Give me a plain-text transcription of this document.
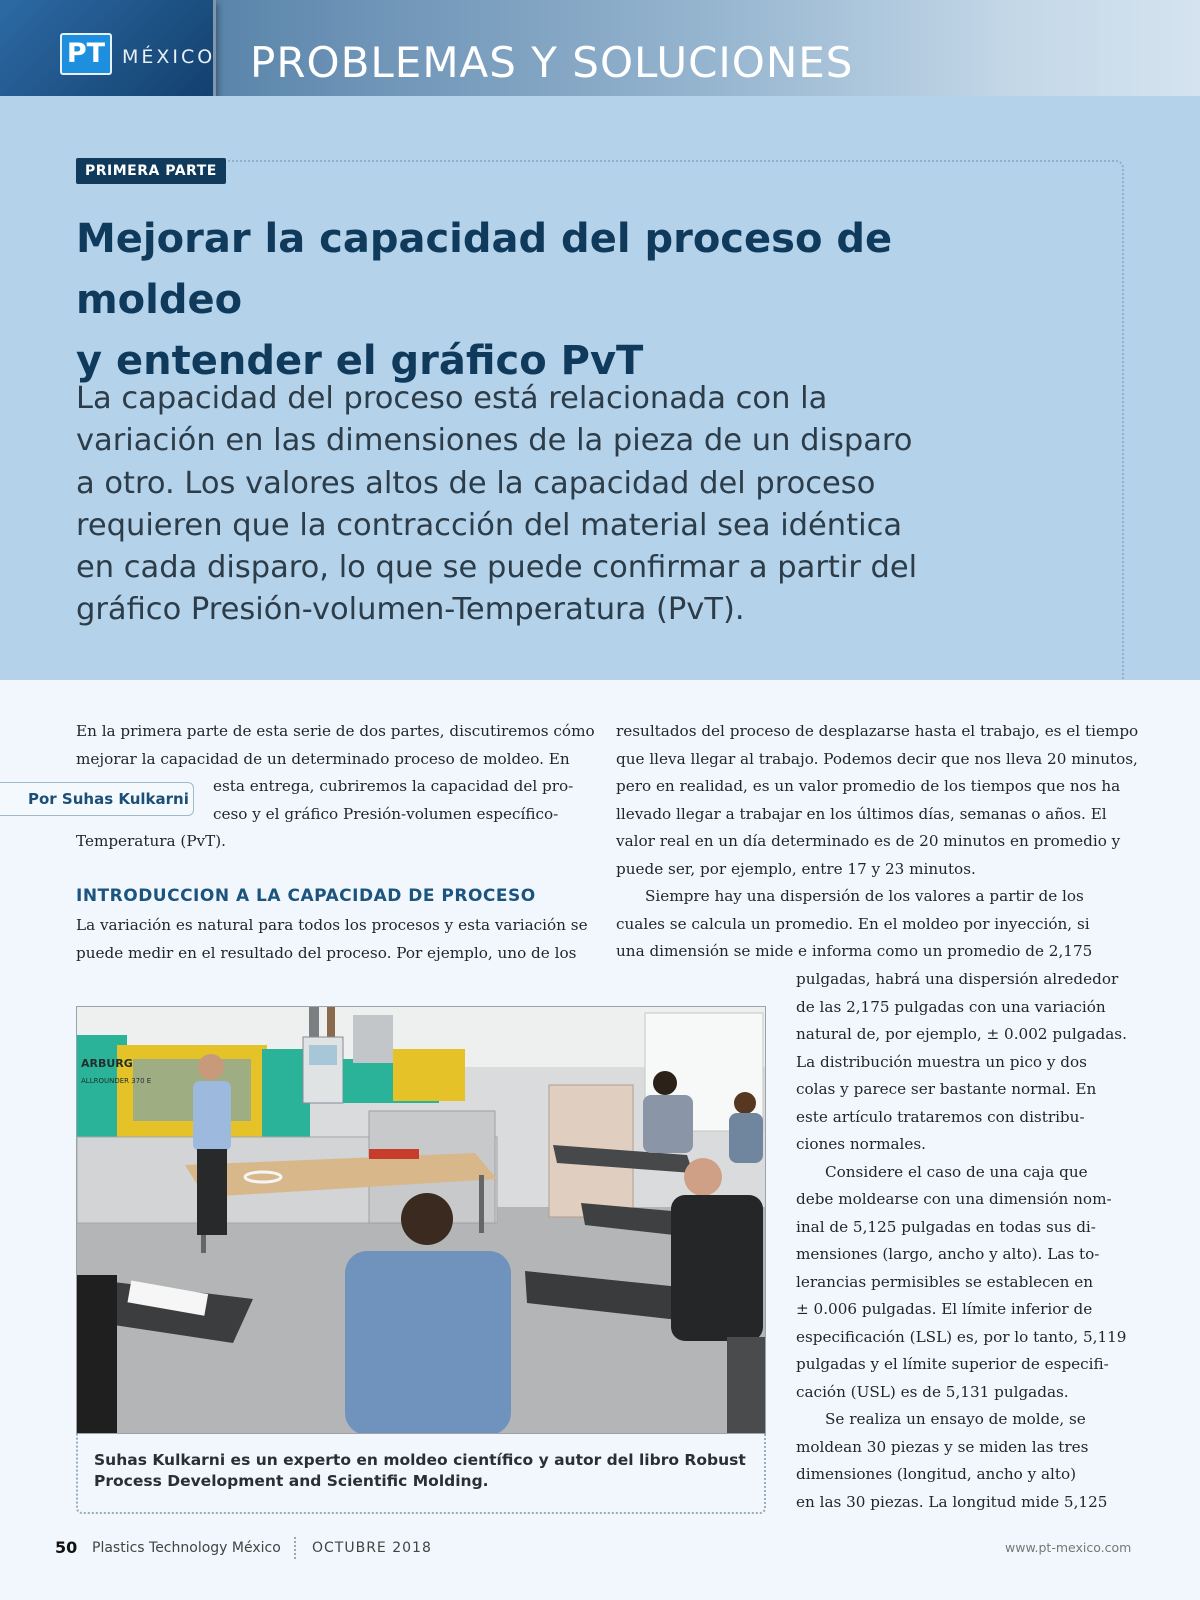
PT MÉXICO PROBLEMAS Y SOLUCIONES
PRIMERA PARTE
Mejorar la capacidad del proceso de moldeo
y entender el gráfico PvT
La capacidad del proceso está relacionada con la
variación en las dimensiones de la pieza de un disparo
a otro. Los valores altos de la capacidad del proceso
requieren que la contracción del material sea idéntica
en cada disparo, lo que se puede confirmar a partir del
gráfico Presión-volumen-Temperatura (PvT).
Por Suhas Kulkarni
En la primera parte de esta serie de dos partes, discutiremos cómo
mejorar la capacidad de un determinado proceso de moldeo. En
esta entrega, cubriremos la capacidad del pro-
ceso y el gráfico Presión-volumen específico-
Temperatura (PvT).
INTRODUCCION A LA CAPACIDAD DE PROCESO
La variación es natural para todos los procesos y esta variación se
puede medir en el resultado del proceso. Por ejemplo, uno de los
resultados del proceso de desplazarse hasta el trabajo, es el tiempo
que lleva llegar al trabajo. Podemos decir que nos lleva 20 minutos,
pero en realidad, es un valor promedio de los tiempos que nos ha
llevado llegar a trabajar en los últimos días, semanas o años. El
valor real en un día determinado es de 20 minutos en promedio y
puede ser, por ejemplo, entre 17 y 23 minutos.
Siempre hay una dispersión de los valores a partir de los
cuales se calcula un promedio. En el moldeo por inyección, si
una dimensión se mide e informa como un promedio de 2,175
pulgadas, habrá una dispersión alrededor
de las 2,175 pulgadas con una variación
natural de, por ejemplo, ± 0.002 pulgadas.
La distribución muestra un pico y dos
colas y parece ser bastante normal. En
este artículo trataremos con distribu-
ciones normales.
Considere el caso de una caja que
debe moldearse con una dimensión nom-
inal de 5,125 pulgadas en todas sus di-
mensiones (largo, ancho y alto). Las to-
lerancias permisibles se establecen en
± 0.006 pulgadas. El límite inferior de
especificación (LSL) es, por lo tanto, 5,119
pulgadas y el límite superior de especifi-
cación (USL) es de 5,131 pulgadas.
Se realiza un ensayo de molde, se
moldean 30 piezas y se miden las tres
dimensiones (longitud, ancho y alto)
en las 30 piezas. La longitud mide 5,125
ARBURG
ALLROUNDER 370 E
Suhas Kulkarni es un experto en moldeo científico y autor del libro Robust Process Development and Scientific Molding.
50 Plastics Technology México OCTUBRE 2018	www.pt-mexico.com
